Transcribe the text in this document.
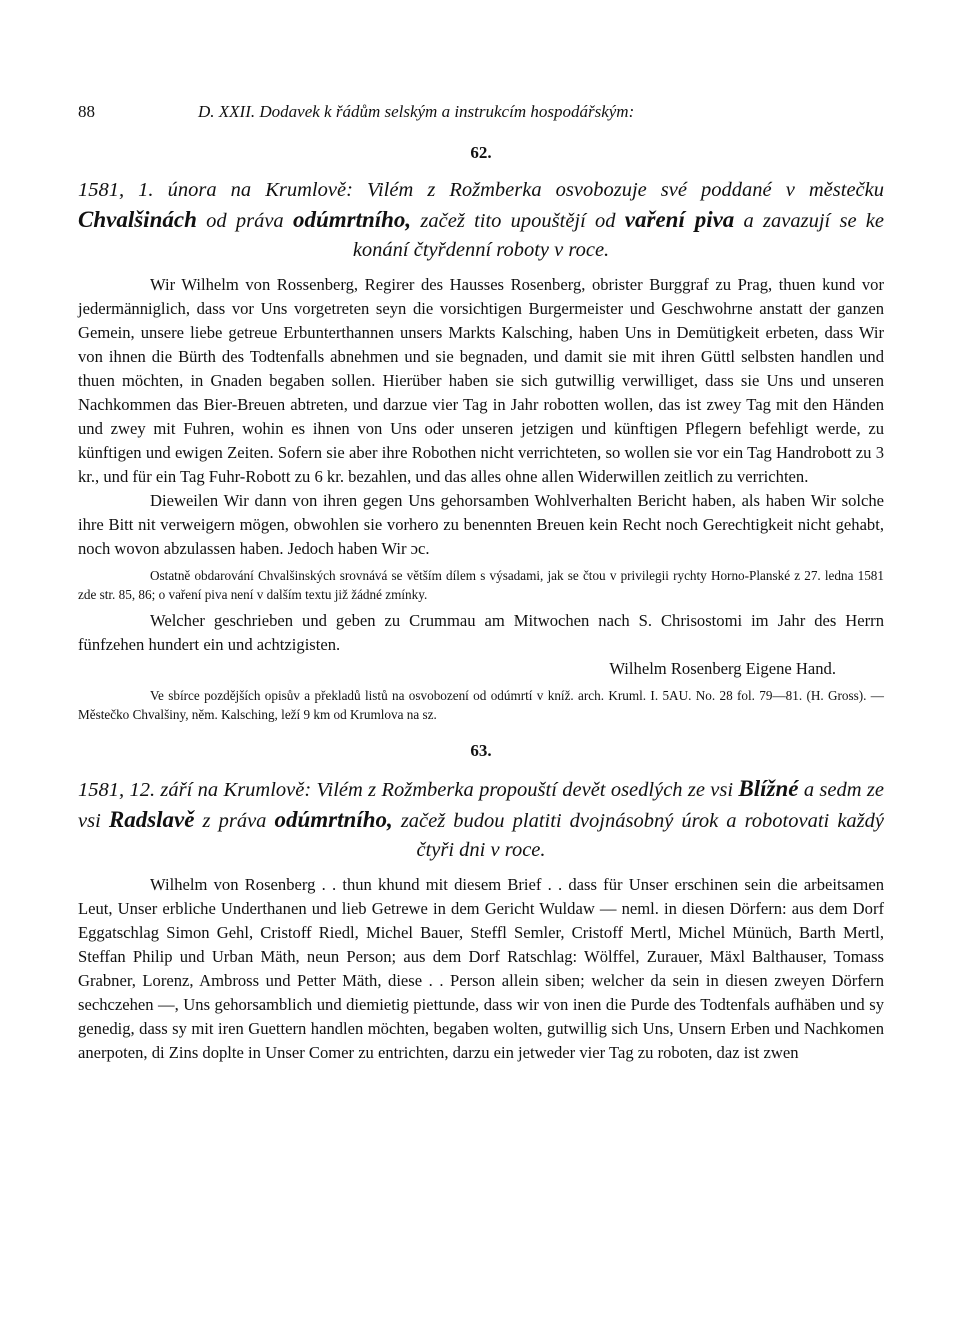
88	D. XXII. Dodavek k řádům selským a instrukcím hospodářským:
62.
1581, 1. února na Krumlově: Vilém z Rožmberka osvobozuje své poddané v městečku Chvalšinách od práva odúmrtního, začež tito upouštějí od vaření piva a zavazují se ke konání čtyřdenní roboty v roce.

Wir Wilhelm von Rossenberg, Regirer des Hausses Rosenberg, obrister Burggraf zu Prag, thuen kund vor jedermänniglich, dass vor Uns vorgetreten seyn die vorsichtigen Burgermeister und Geschwohrne anstatt der ganzen Gemein, unsere liebe getreue Erbunterthannen unsers Markts Kalsching, haben Uns in Demütigkeit erbeten, dass Wir von ihnen die Bürth des Todtenfalls abnehmen und sie begnaden, und damit sie mit ihren Güttl selbsten handlen und thuen möchten, in Gnaden begaben sollen. Hierüber haben sie sich gutwillig verwilliget, dass sie Uns und unseren Nachkommen das Bier-Breuen abtreten, und darzue vier Tag in Jahr robotten wollen, das ist zwey Tag mit den Händen und zwey mit Fuhren, wohin es ihnen von Uns oder unseren jetzigen und künftigen Pflegern befehligt werde, zu künftigen und ewigen Zeiten. Sofern sie aber ihre Robothen nicht verrichteten, so wollen sie vor ein Tag Handrobott zu 3 kr., und für ein Tag Fuhr-Robott zu 6 kr. bezahlen, und das alles ohne allen Widerwillen zeitlich zu verrichten.

Dieweilen Wir dann von ihren gegen Uns gehorsamben Wohlverhalten Bericht haben, als haben Wir solche ihre Bitt nit verweigern mögen, obwohlen sie vorhero zu benennten Breuen kein Recht noch Gerechtigkeit nicht gehabt, noch wovon abzulassen haben. Jedoch haben Wir ɔc.

Ostatně obdarování Chvalšinských srovnává se větším dílem s výsadami, jak se čtou v privilegii rychty Horno-Planské z 27. ledna 1581 zde str. 85, 86; o vaření piva není v dalším textu již žádné zmínky.

Welcher geschrieben und geben zu Crummau am Mitwochen nach S. Chrisostomi im Jahr des Herrn fünfzehen hundert ein und achtzigisten.

Wilhelm Rosenberg Eigene Hand.

Ve sbírce pozdějších opisův a překladů listů na osvobození od odúmrtí v kníž. arch. Kruml. I. 5AU. No. 28 fol. 79—81. (H. Gross). — Městečko Chvalšiny, něm. Kalsching, leží 9 km od Krumlova na sz.

63.
1581, 12. září na Krumlově: Vilém z Rožmberka propouští devět osedlých ze vsi Blížné a sedm ze vsi Radslavě z práva odúmrtního, začež budou platiti dvojnásobný úrok a robotovati každý čtyři dni v roce.

Wilhelm von Rosenberg . . thun khund mit diesem Brief . . dass für Unser erschinen sein die arbeitsamen Leut, Unser erbliche Underthanen und lieb Getrewe in dem Gericht Wuldaw — neml. in diesen Dörfern: aus dem Dorf Eggatschlag Simon Gehl, Cristoff Riedl, Michel Bauer, Steffl Semler, Cristoff Mertl, Michel Münüch, Barth Mertl, Steffan Philip und Urban Mäth, neun Person; aus dem Dorf Ratschlag: Wölffel, Zurauer, Mäxl Balthauser, Tomass Grabner, Lorenz, Ambross und Petter Mäth, diese . . Person allein siben; welcher da sein in diesen zweyen Dörfern sechczehen —, Uns gehorsamblich und diemietig piettunde, dass wir von inen die Purde des Todtenfals aufhäben und sy genedig, dass sy mit iren Guettern handlen möchten, begaben wolten, gutwillig sich Uns, Unsern Erben und Nachkomen anerpoten, di Zins doplte in Unser Comer zu entrichten, darzu ein jetweder vier Tag zu roboten, daz ist zwen
